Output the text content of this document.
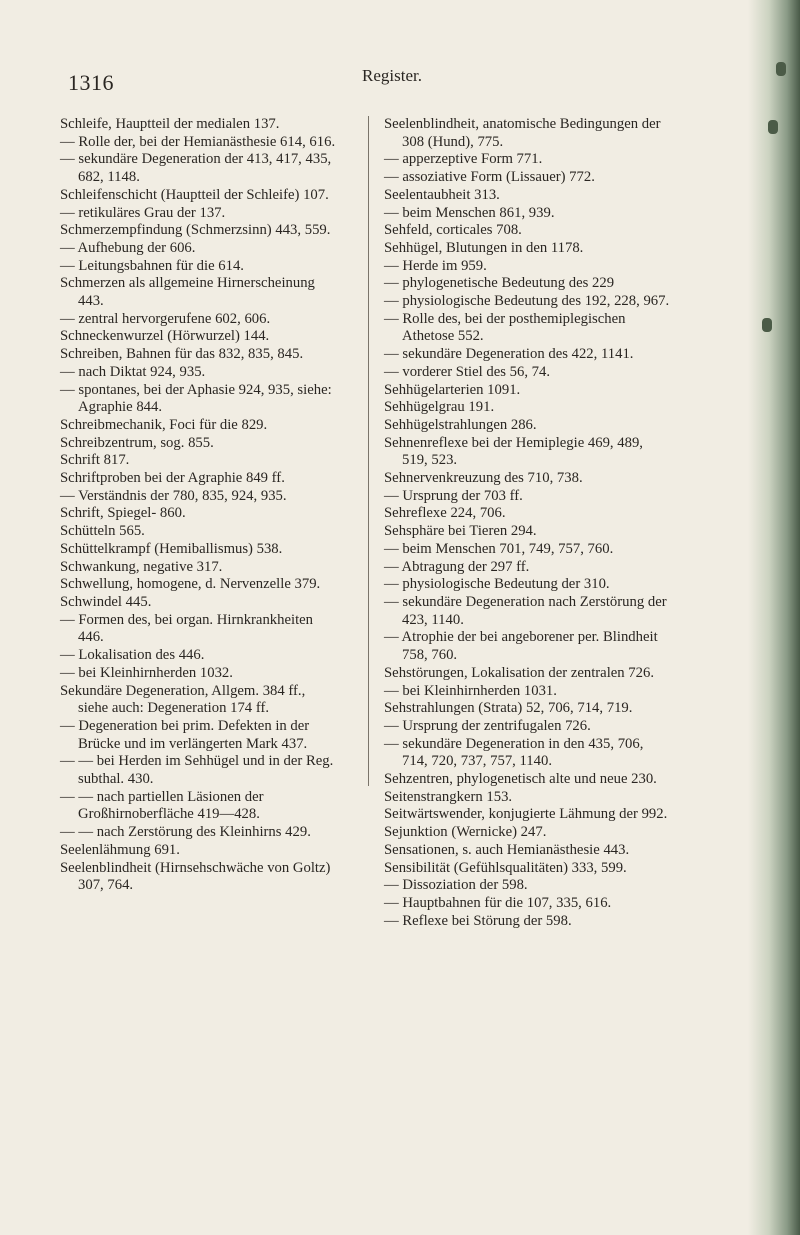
1316	Register.

Schleife, Hauptteil der medialen 137.

— Rolle der, bei der Hemianästhesie 614, 616.

— sekundäre Degeneration der 413, 417, 435, 682, 1148.

Schleifenschicht (Hauptteil der Schleife) 107.

— retikuläres Grau der 137.

Schmerzempfindung (Schmerzsinn) 443, 559.

— Aufhebung der 606.

— Leitungsbahnen für die 614.

Schmerzen als allgemeine Hirnerscheinung 443.

— zentral hervorgerufene 602, 606.

Schneckenwurzel (Hörwurzel) 144.

Schreiben, Bahnen für das 832, 835, 845.

— nach Diktat 924, 935.

— spontanes, bei der Aphasie 924, 935, siehe: Agraphie 844.

Schreibmechanik, Foci für die 829.

Schreibzentrum, sog. 855.

Schrift 817.

Schriftproben bei der Agraphie 849 ff.

— Verständnis der 780, 835, 924, 935.

Schrift, Spiegel- 860.

Schütteln 565.

Schüttelkrampf (Hemiballismus) 538.

Schwankung, negative 317.

Schwellung, homogene, d. Nervenzelle 379.

Schwindel 445.

— Formen des, bei organ. Hirnkrankheiten 446.

— Lokalisation des 446.

— bei Kleinhirnherden 1032.

Sekundäre Degeneration, Allgem. 384 ff., siehe auch: Degeneration 174 ff.

— Degeneration bei prim. Defekten in der Brücke und im verlängerten Mark 437.

— — bei Herden im Sehhügel und in der Reg. subthal. 430.

— — nach partiellen Läsionen der Großhirnoberfläche 419—428.

— — nach Zerstörung des Kleinhirns 429.

Seelenlähmung 691.

Seelenblindheit (Hirnsehschwäche von Goltz) 307, 764.

Seelenblindheit, anatomische Bedingungen der 308 (Hund), 775.

— apperzeptive Form 771.

— assoziative Form (Lissauer) 772.

Seelentaubheit 313.

— beim Menschen 861, 939.

Sehfeld, corticales 708.

Sehhügel, Blutungen in den 1178.

— Herde im 959.

— phylogenetische Bedeutung des 229

— physiologische Bedeutung des 192, 228, 967.

— Rolle des, bei der posthemiplegischen Athetose 552.

— sekundäre Degeneration des 422, 1141.

— vorderer Stiel des 56, 74.

Sehhügelarterien 1091.

Sehhügelgrau 191.

Sehhügelstrahlungen 286.

Sehnenreflexe bei der Hemiplegie 469, 489, 519, 523.

Sehnervenkreuzung des 710, 738.

— Ursprung der 703 ff.

Sehreflexe 224, 706.

Sehsphäre bei Tieren 294.

— beim Menschen 701, 749, 757, 760.

— Abtragung der 297 ff.

— physiologische Bedeutung der 310.

— sekundäre Degeneration nach Zerstörung der 423, 1140.

— Atrophie der bei angeborener per. Blindheit 758, 760.

Sehstörungen, Lokalisation der zentralen 726.

— bei Kleinhirnherden 1031.

Sehstrahlungen (Strata) 52, 706, 714, 719.

— Ursprung der zentrifugalen 726.

— sekundäre Degeneration in den 435, 706, 714, 720, 737, 757, 1140.

Sehzentren, phylogenetisch alte und neue 230.

Seitenstrangkern 153.

Seitwärtswender, konjugierte Lähmung der 992.

Sejunktion (Wernicke) 247.

Sensationen, s. auch Hemianästhesie 443.

Sensibilität (Gefühlsqualitäten) 333, 599.

— Dissoziation der 598.

— Hauptbahnen für die 107, 335, 616.

— Reflexe bei Störung der 598.
